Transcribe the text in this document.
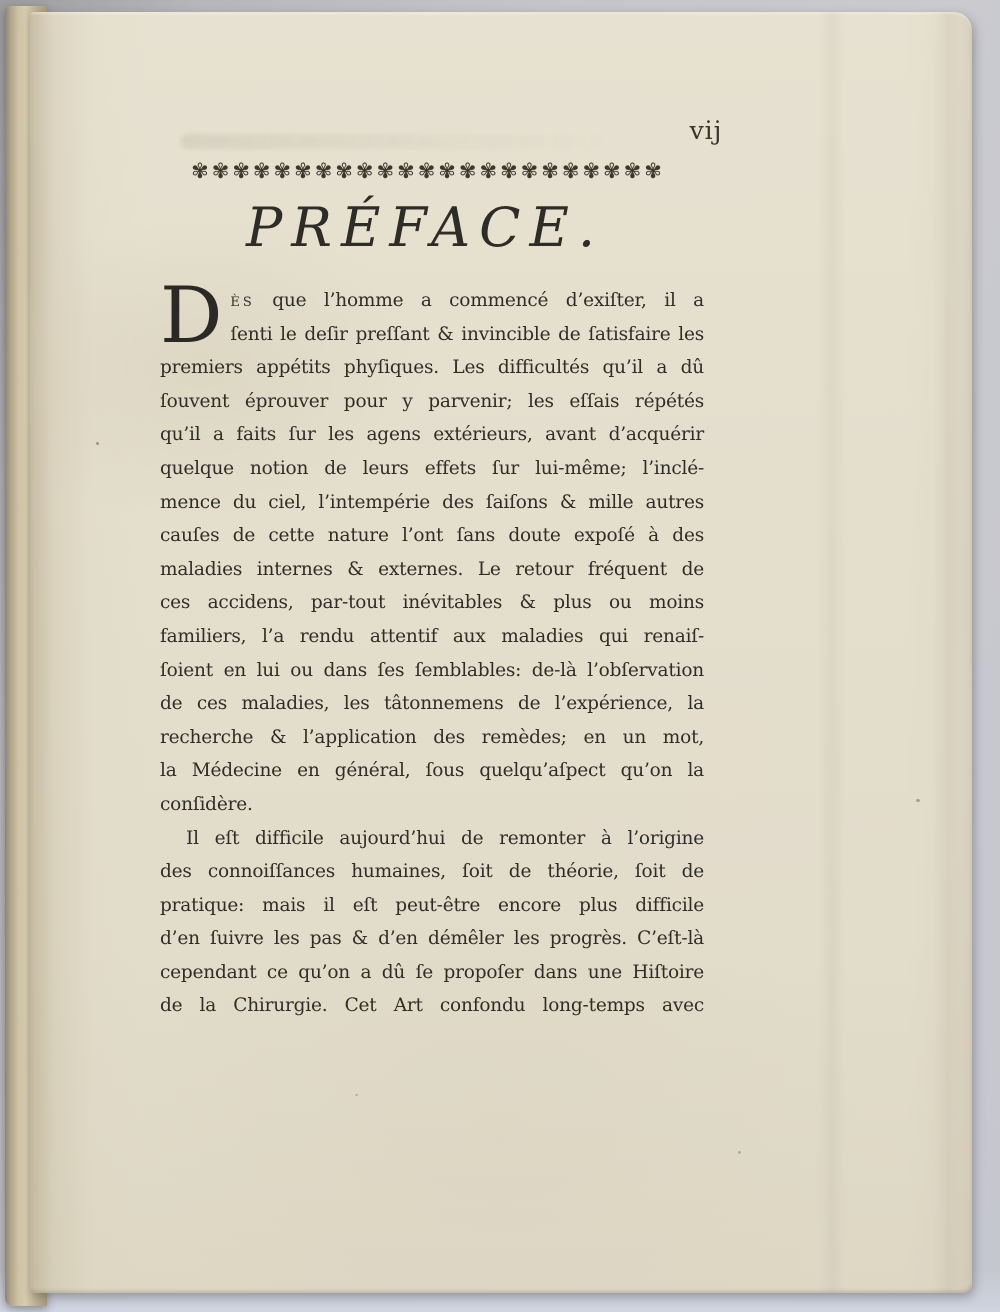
vij
✾✾✾✾✾✾✾✾✾✾✾✾✾✾✾✾✾✾✾✾✾✾✾
PRÉFACE.
D ès que l’homme a commencé d’exiſter, il a
ſenti le deſir preſſant & invincible de ſatisfaire les
premiers appétits phyſiques. Les difficultés qu’il a dû
ſouvent éprouver pour y parvenir; les eſſais répétés
qu’il a faits ſur les agens extérieurs, avant d’acquérir
quelque notion de leurs effets ſur lui-même; l’inclé-
mence du ciel, l’intempérie des ſaiſons & mille autres
cauſes de cette nature l’ont ſans doute expoſé à des
maladies internes & externes. Le retour fréquent de
ces accidens, par-tout inévitables & plus ou moins
familiers, l’a rendu attentif aux maladies qui renaiſ-
ſoient en lui ou dans ſes ſemblables: de-là l’obſervation
de ces maladies, les tâtonnemens de l’expérience, la
recherche & l’application des remèdes; en un mot,
la Médecine en général, ſous quelqu’aſpect qu’on la
conſidère.
Il eſt difficile aujourd’hui de remonter à l’origine
des connoiſſances humaines, ſoit de théorie, ſoit de
pratique: mais il eſt peut-être encore plus difficile
d’en ſuivre les pas & d’en démêler les progrès. C’eſt-là
cependant ce qu’on a dû ſe propoſer dans une Hiſtoire
de la Chirurgie. Cet Art confondu long-temps avec
